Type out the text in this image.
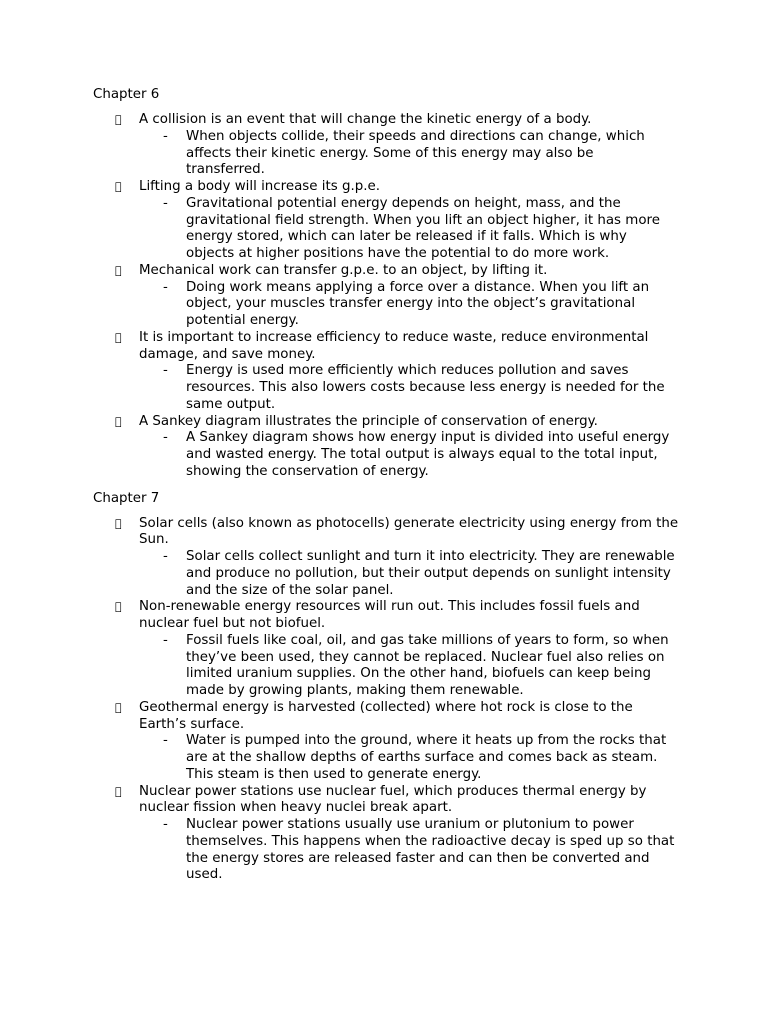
Chapter 6
A collision is an event that will change the kinetic energy of a body.
-	When objects collide, their speeds and directions can change, which affects their kinetic energy. Some of this energy may also be transferred.
Lifting a body will increase its g.p.e.
-	Gravitational potential energy depends on height, mass, and the gravitational field strength. When you lift an object higher, it has more energy stored, which can later be released if it falls. Which is why objects at higher positions have the potential to do more work.
Mechanical work can transfer g.p.e. to an object, by lifting it.
-	Doing work means applying a force over a distance. When you lift an object, your muscles transfer energy into the object’s gravitational potential energy.
It is important to increase efficiency to reduce waste, reduce environmental damage, and save money.
-	Energy is used more efficiently which reduces pollution and saves resources. This also lowers costs because less energy is needed for the same output.
A Sankey diagram illustrates the principle of conservation of energy.
-	A Sankey diagram shows how energy input is divided into useful energy and wasted energy. The total output is always equal to the total input, showing the conservation of energy.
Chapter 7
Solar cells (also known as photocells) generate electricity using energy from the Sun.
-	Solar cells collect sunlight and turn it into electricity. They are renewable and produce no pollution, but their output depends on sunlight intensity and the size of the solar panel.
Non-renewable energy resources will run out. This includes fossil fuels and nuclear fuel but not biofuel.
-	Fossil fuels like coal, oil, and gas take millions of years to form, so when they’ve been used, they cannot be replaced. Nuclear fuel also relies on limited uranium supplies. On the other hand, biofuels can keep being made by growing plants, making them renewable.
Geothermal energy is harvested (collected) where hot rock is close to the Earth’s surface.
-	Water is pumped into the ground, where it heats up from the rocks that are at the shallow depths of earths surface and comes back as steam. This steam is then used to generate energy.
Nuclear power stations use nuclear fuel, which produces thermal energy by nuclear fission when heavy nuclei break apart.
-	Nuclear power stations usually use uranium or plutonium to power themselves. This happens when the radioactive decay is sped up so that the energy stores are released faster and can then be converted and used.
